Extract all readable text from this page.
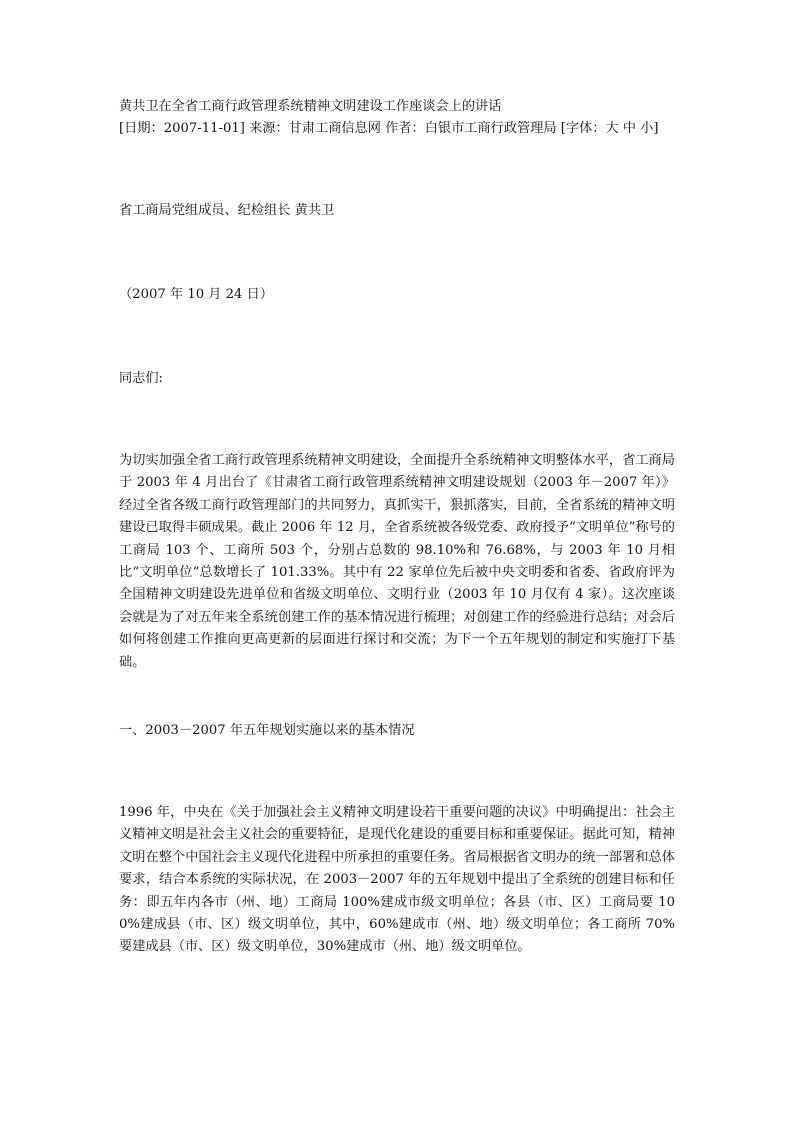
黄共卫在全省工商行政管理系统精神文明建设工作座谈会上的讲话
[日期：2007-11-01] 来源：甘肃工商信息网 作者：白银市工商行政管理局 [字体：大 中 小]
省工商局党组成员、纪检组长 黄共卫
（2007 年 10 月 24 日）
同志们:
为切实加强全省工商行政管理系统精神文明建设，全面提升全系统精神文明整体水平，省工商局于 2003 年 4 月出台了《甘肃省工商行政管理系统精神文明建设规划（2003 年－2007 年）》经过全省各级工商行政管理部门的共同努力，真抓实干，狠抓落实，目前，全省系统的精神文明建设已取得丰硕成果。截止 2006 年 12 月，全省系统被各级党委、政府授予“文明单位”称号的工商局 103 个、工商所 503 个，分别占总数的 98.10%和 76.68%，与 2003 年 10 月相比“文明单位”总数增长了 101.33%。其中有 22 家单位先后被中央文明委和省委、省政府评为全国精神文明建设先进单位和省级文明单位、文明行业（2003 年 10 月仅有 4 家）。这次座谈会就是为了对五年来全系统创建工作的基本情况进行梳理；对创建工作的经验进行总结；对会后如何将创建工作推向更高更新的层面进行探讨和交流；为下一个五年规划的制定和实施打下基础。
一、2003－2007 年五年规划实施以来的基本情况
1996 年，中央在《关于加强社会主义精神文明建设若干重要问题的决议》中明确提出：社会主义精神文明是社会主义社会的重要特征，是现代化建设的重要目标和重要保证。据此可知，精神文明在整个中国社会主义现代化进程中所承担的重要任务。省局根据省文明办的统一部署和总体要求，结合本系统的实际状况，在 2003－2007 年的五年规划中提出了全系统的创建目标和任务：即五年内各市（州、地）工商局 100%建成市级文明单位；各县（市、区）工商局要 100%建成县（市、区）级文明单位，其中，60%建成市（州、地）级文明单位；各工商所 70%要建成县（市、区）级文明单位，30%建成市（州、地）级文明单位。
